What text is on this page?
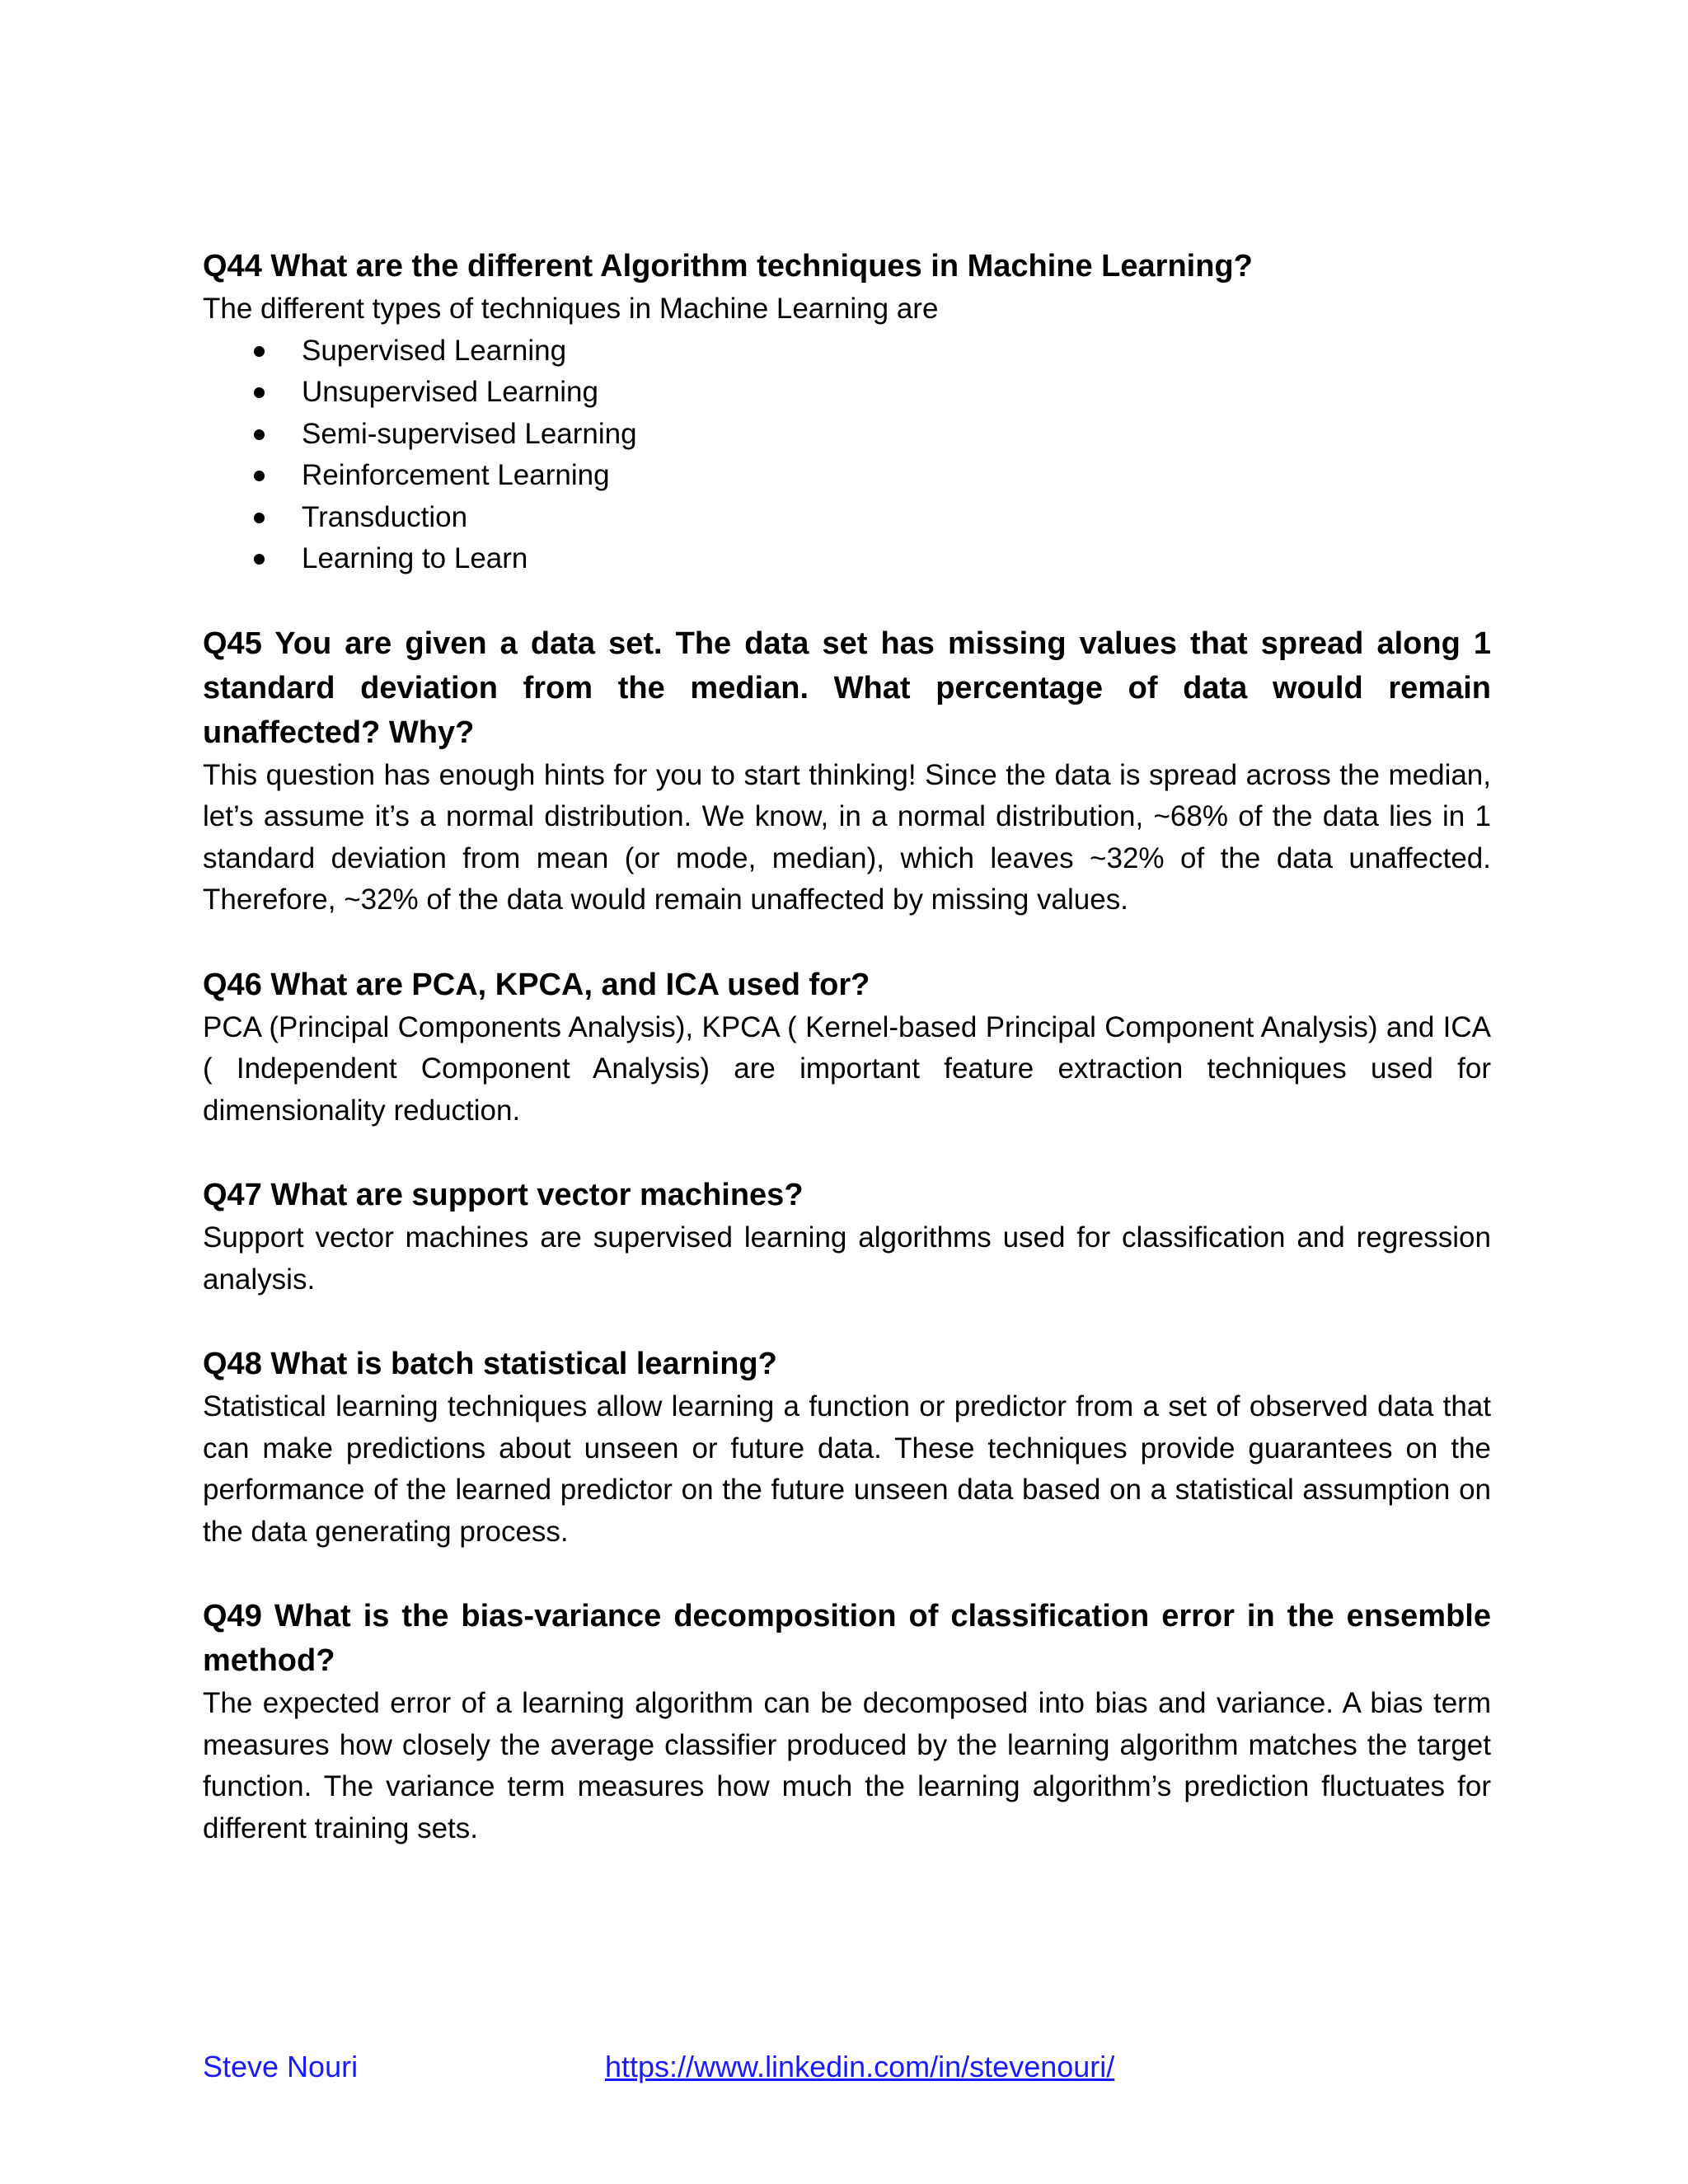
Q44 What are the different Algorithm techniques in Machine Learning?

The different types of techniques in Machine Learning are

Supervised Learning
Unsupervised Learning
Semi-supervised Learning
Reinforcement Learning
Transduction
Learning to Learn
Q45 You are given a data set. The data set has missing values that spread along 1 standard deviation from the median. What percentage of data would remain unaffected? Why?

This question has enough hints for you to start thinking! Since the data is spread across the median, let’s assume it’s a normal distribution. We know, in a normal distribution, ~68% of the data lies in 1 standard deviation from mean (or mode, median), which leaves ~32% of the data unaffected. Therefore, ~32% of the data would remain unaffected by missing values.

Q46 What are PCA, KPCA, and ICA used for?

PCA (Principal Components Analysis), KPCA ( Kernel-based Principal Component Analysis) and ICA ( Independent Component Analysis) are important feature extraction techniques used for dimensionality reduction.

Q47 What are support vector machines?

Support vector machines are supervised learning algorithms used for classification and regression analysis.

Q48 What is batch statistical learning?

Statistical learning techniques allow learning a function or predictor from a set of observed data that can make predictions about unseen or future data. These techniques provide guarantees on the performance of the learned predictor on the future unseen data based on a statistical assumption on the data generating process.

Q49 What is the bias-variance decomposition of classification error in the ensemble method?

The expected error of a learning algorithm can be decomposed into bias and variance. A bias term measures how closely the average classifier produced by the learning algorithm matches the target function. The variance term measures how much the learning algorithm’s prediction fluctuates for different training sets.

Steve Nouri	https://www.linkedin.com/in/stevenouri/
